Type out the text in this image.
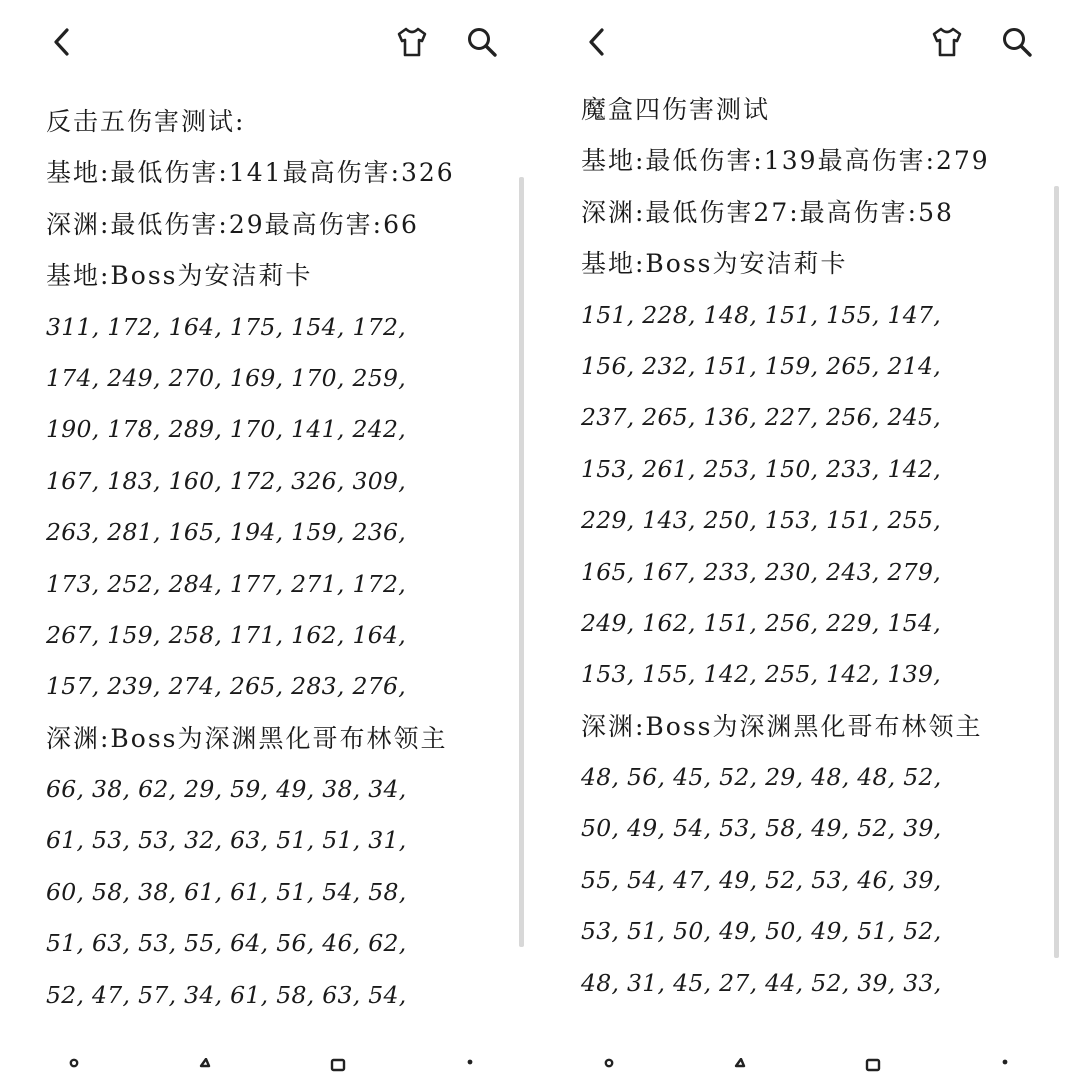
反击五伤害测试:
基地:最低伤害:141最高伤害:326
深渊:最低伤害:29最高伤害:66
基地:Boss为安洁莉卡
311, 172, 164, 175, 154, 172,
174, 249, 270, 169, 170, 259,
190, 178, 289, 170, 141, 242,
167, 183, 160, 172, 326, 309,
263, 281, 165, 194, 159, 236,
173, 252, 284, 177, 271, 172,
267, 159, 258, 171, 162, 164,
157, 239, 274, 265, 283, 276,
深渊:Boss为深渊黑化哥布林领主
66, 38, 62, 29, 59, 49, 38, 34,
61, 53, 53, 32, 63, 51, 51, 31,
60, 58, 38, 61, 61, 51, 54, 58,
51, 63, 53, 55, 64, 56, 46, 62,
52, 47, 57, 34, 61, 58, 63, 54,
魔盒四伤害测试
基地:最低伤害:139最高伤害:279
深渊:最低伤害27:最高伤害:58
基地:Boss为安洁莉卡
151, 228, 148, 151, 155, 147,
156, 232, 151, 159, 265, 214,
237, 265, 136, 227, 256, 245,
153, 261, 253, 150, 233, 142,
229, 143, 250, 153, 151, 255,
165, 167, 233, 230, 243, 279,
249, 162, 151, 256, 229, 154,
153, 155, 142, 255, 142, 139,
深渊:Boss为深渊黑化哥布林领主
48, 56, 45, 52, 29, 48, 48, 52,
50, 49, 54, 53, 58, 49, 52, 39,
55, 54, 47, 49, 52, 53, 46, 39,
53, 51, 50, 49, 50, 49, 51, 52,
48, 31, 45, 27, 44, 52, 39, 33,
